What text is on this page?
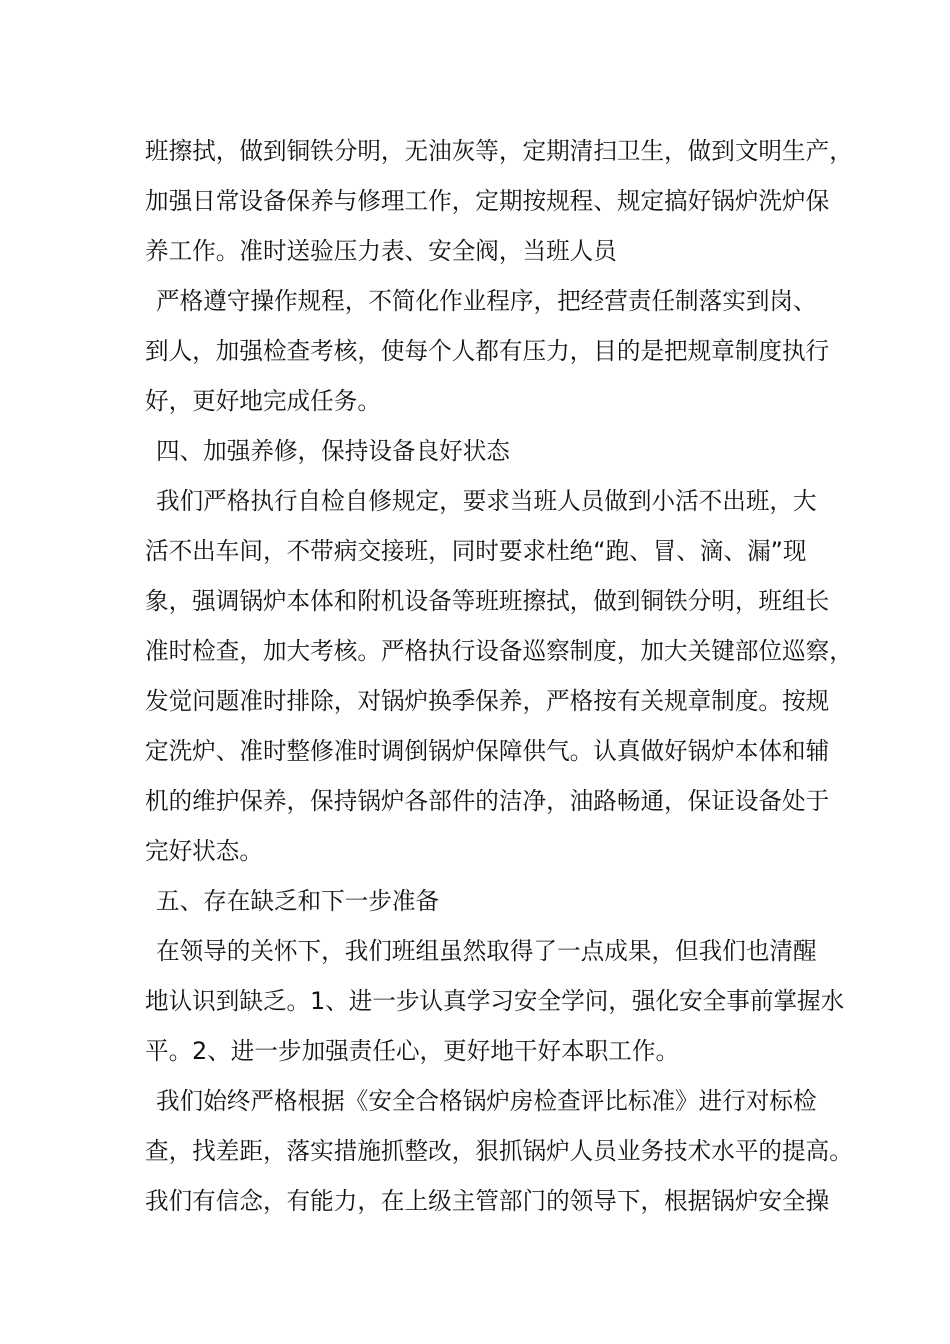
班擦拭，做到铜铁分明，无油灰等，定期清扫卫生，做到文明生产，
加强日常设备保养与修理工作，定期按规程、规定搞好锅炉洗炉保
养工作。准时送验压力表、安全阀，当班人员
严格遵守操作规程，不简化作业程序，把经营责任制落实到岗、
到人，加强检查考核，使每个人都有压力，目的是把规章制度执行
好，更好地完成任务。
四、加强养修，保持设备良好状态
我们严格执行自检自修规定，要求当班人员做到小活不出班，大
活不出车间，不带病交接班，同时要求杜绝“跑、冒、滴、漏”现
象，强调锅炉本体和附机设备等班班擦拭，做到铜铁分明，班组长
准时检查，加大考核。严格执行设备巡察制度，加大关键部位巡察，
发觉问题准时排除，对锅炉换季保养，严格按有关规章制度。按规
定洗炉、准时整修准时调倒锅炉保障供气。认真做好锅炉本体和辅
机的维护保养，保持锅炉各部件的洁净，油路畅通，保证设备处于
完好状态。
五、存在缺乏和下一步准备
在领导的关怀下，我们班组虽然取得了一点成果，但我们也清醒
地认识到缺乏。1、进一步认真学习安全学问，强化安全事前掌握水
平。2、进一步加强责任心，更好地干好本职工作。
我们始终严格根据《安全合格锅炉房检查评比标准》进行对标检
查，找差距，落实措施抓整改，狠抓锅炉人员业务技术水平的提高。
我们有信念，有能力，在上级主管部门的领导下，根据锅炉安全操
